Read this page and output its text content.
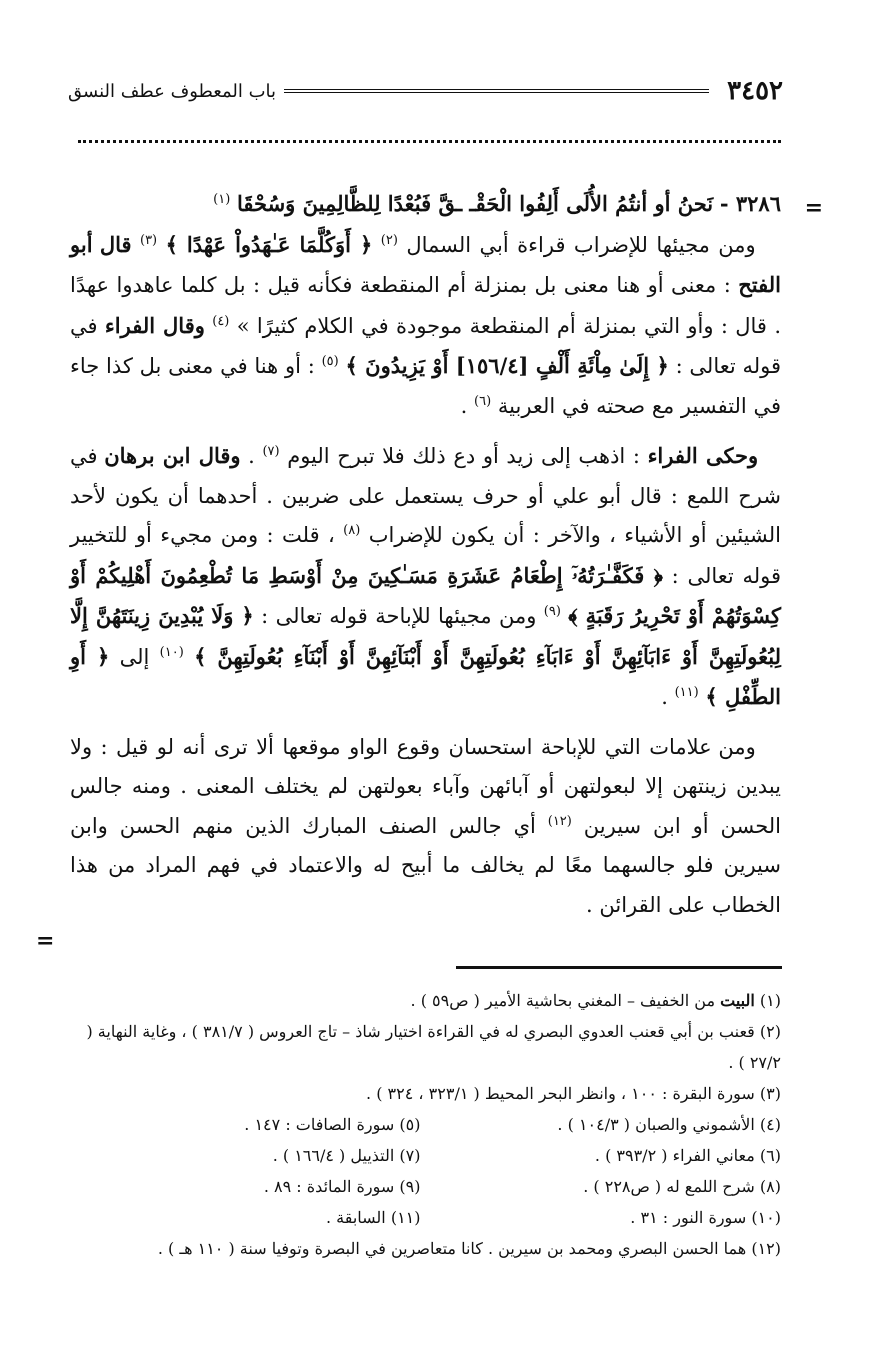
٣٤٥٢
باب المعطوف عطف النسق
=

٣٢٨٦ - نَحنُ أو أنتُمُ الأُلَى أَلِفُوا الْحَقْـ ـقَّ فَبُعْدًا لِلظَّالِمِينَ وَسُحْقَا $^{(١)}$

ومن مجيئها للإضراب قراءة أبي السمال $^{(٢)}$ ﴿ أَوَكُلَّمَا عَـٰهَدُواْ عَهْدًا ﴾ $^{(٣)}$ قال أبو الفتح : معنى أو هنا معنى بل بمنزلة أم المنقطعة فكأنه قيل : بل كلما عاهدوا عهدًا . قال : وأو التي بمنزلة أم المنقطعة موجودة في الكلام كثيرًا » $^{(٤)}$ وقال الفراء في قوله تعالى : ﴿ إِلَىٰ مِاْئَةِ أَلْفٍ [١٥٦/٤] أَوْ يَزِيدُونَ ﴾ $^{(٥)}$ : أو هنا في معنى بل كذا جاء في التفسير مع صحته في العربية $^{(٦)}$ .

وحكى الفراء : اذهب إلى زيد أو دع ذلك فلا تبرح اليوم $^{(٧)}$ . وقال ابن برهان في شرح اللمع : قال أبو علي أو حرف يستعمل على ضربين . أحدهما أن يكون لأحد الشيئين أو الأشياء ، والآخر : أن يكون للإضراب $^{(٨)}$ ، قلت : ومن مجيء أو للتخيير قوله تعالى : ﴿ فَكَفَّـٰرَتُهُۥٓ إِطْعَامُ عَشَرَةِ مَسَـٰكِينَ مِنْ أَوْسَطِ مَا تُطْعِمُونَ أَهْلِيكُمْ أَوْ كِسْوَتُهُمْ أَوْ تَحْرِيرُ رَقَبَةٍ ﴾ $^{(٩)}$ ومن مجيئها للإباحة قوله تعالى : ﴿ وَلَا يُبْدِينَ زِينَتَهُنَّ إِلَّا لِبُعُولَتِهِنَّ أَوْ ءَابَآئِهِنَّ أَوْ ءَابَآءِ بُعُولَتِهِنَّ أَوْ أَبْنَآئِهِنَّ أَوْ أَبْنَآءِ بُعُولَتِهِنَّ ﴾ $^{(١٠)}$ إلى ﴿ أَوِ الطِّفْلِ ﴾ $^{(١١)}$ .

ومن علامات التي للإباحة استحسان وقوع الواو موقعها ألا ترى أنه لو قيل : ولا يبدين زينتهن إلا لبعولتهن أو آبائهن وآباء بعولتهن لم يختلف المعنى . ومنه جالس الحسن أو ابن سيرين $^{(١٢)}$ أي جالس الصنف المبارك الذين منهم الحسن وابن سيرين فلو جالسهما معًا لم يخالف ما أبيح له والاعتماد في فهم المراد من هذا الخطاب على القرائن .

=

(١) البيت من الخفيف – المغني بحاشية الأمير ( ص٥٩ ) .

(٢) قعنب بن أبي قعنب العدوي البصري له في القراءة اختيار شاذ – تاج العروس ( ٣٨١/٧ ) ، وغاية النهاية ( ٢٧/٢ ) .

(٣) سورة البقرة : ١٠٠ ، وانظر البحر المحيط ( ٣٢٣/١ ، ٣٢٤ ) .

(٤) الأشموني والصبان ( ١٠٤/٣ ) .
(٥) سورة الصافات : ١٤٧ .
(٦) معاني الفراء ( ٣٩٣/٢ ) .
(٧) التذييل ( ١٦٦/٤ ) .
(٨) شرح اللمع له ( ص٢٢٨ ) .
(٩) سورة المائدة : ٨٩ .
(١٠) سورة النور : ٣١ .
(١١) السابقة .

(١٢) هما الحسن البصري ومحمد بن سيرين . كانا متعاصرين في البصرة وتوفيا سنة ( ١١٠ هـ ) .
